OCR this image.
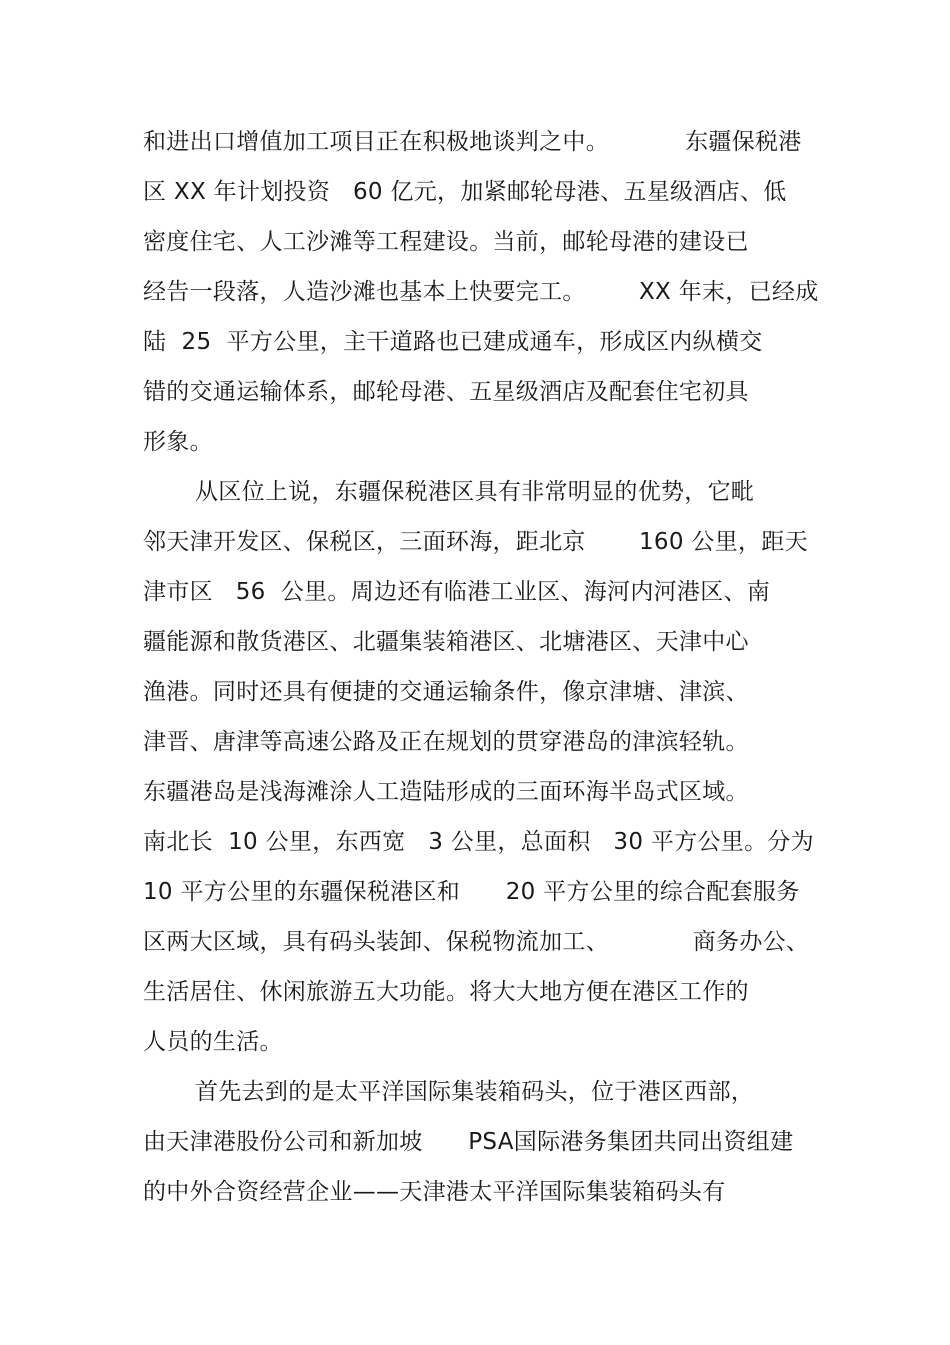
和进出口增值加工项目正在积极地谈判之中。          东疆保税港
区 XX 年计划投资   60 亿元，加紧邮轮母港、五星级酒店、低
密度住宅、人工沙滩等工程建设。当前，邮轮母港的建设已
经告一段落，人造沙滩也基本上快要完工。       XX 年末，已经成
陆  25  平方公里，主干道路也已建成通车，形成区内纵横交
错的交通运输体系，邮轮母港、五星级酒店及配套住宅初具
形象。
从区位上说，东疆保税港区具有非常明显的优势，它毗
邻天津开发区、保税区，三面环海，距北京       160 公里，距天
津市区   56  公里。周边还有临港工业区、海河内河港区、南
疆能源和散货港区、北疆集装箱港区、北塘港区、天津中心
渔港。同时还具有便捷的交通运输条件，像京津塘、津滨、
津晋、唐津等高速公路及正在规划的贯穿港岛的津滨轻轨。
东疆港岛是浅海滩涂人工造陆形成的三面环海半岛式区域。
南北长  10 公里，东西宽   3 公里，总面积   30 平方公里。分为
10 平方公里的东疆保税港区和      20 平方公里的综合配套服务
区两大区域，具有码头装卸、保税物流加工、           商务办公、
生活居住、休闲旅游五大功能。将大大地方便在港区工作的
人员的生活。
首先去到的是太平洋国际集装箱码头，位于港区西部，
由天津港股份公司和新加坡      PSA国际港务集团共同出资组建
的中外合资经营企业——天津港太平洋国际集装箱码头有
